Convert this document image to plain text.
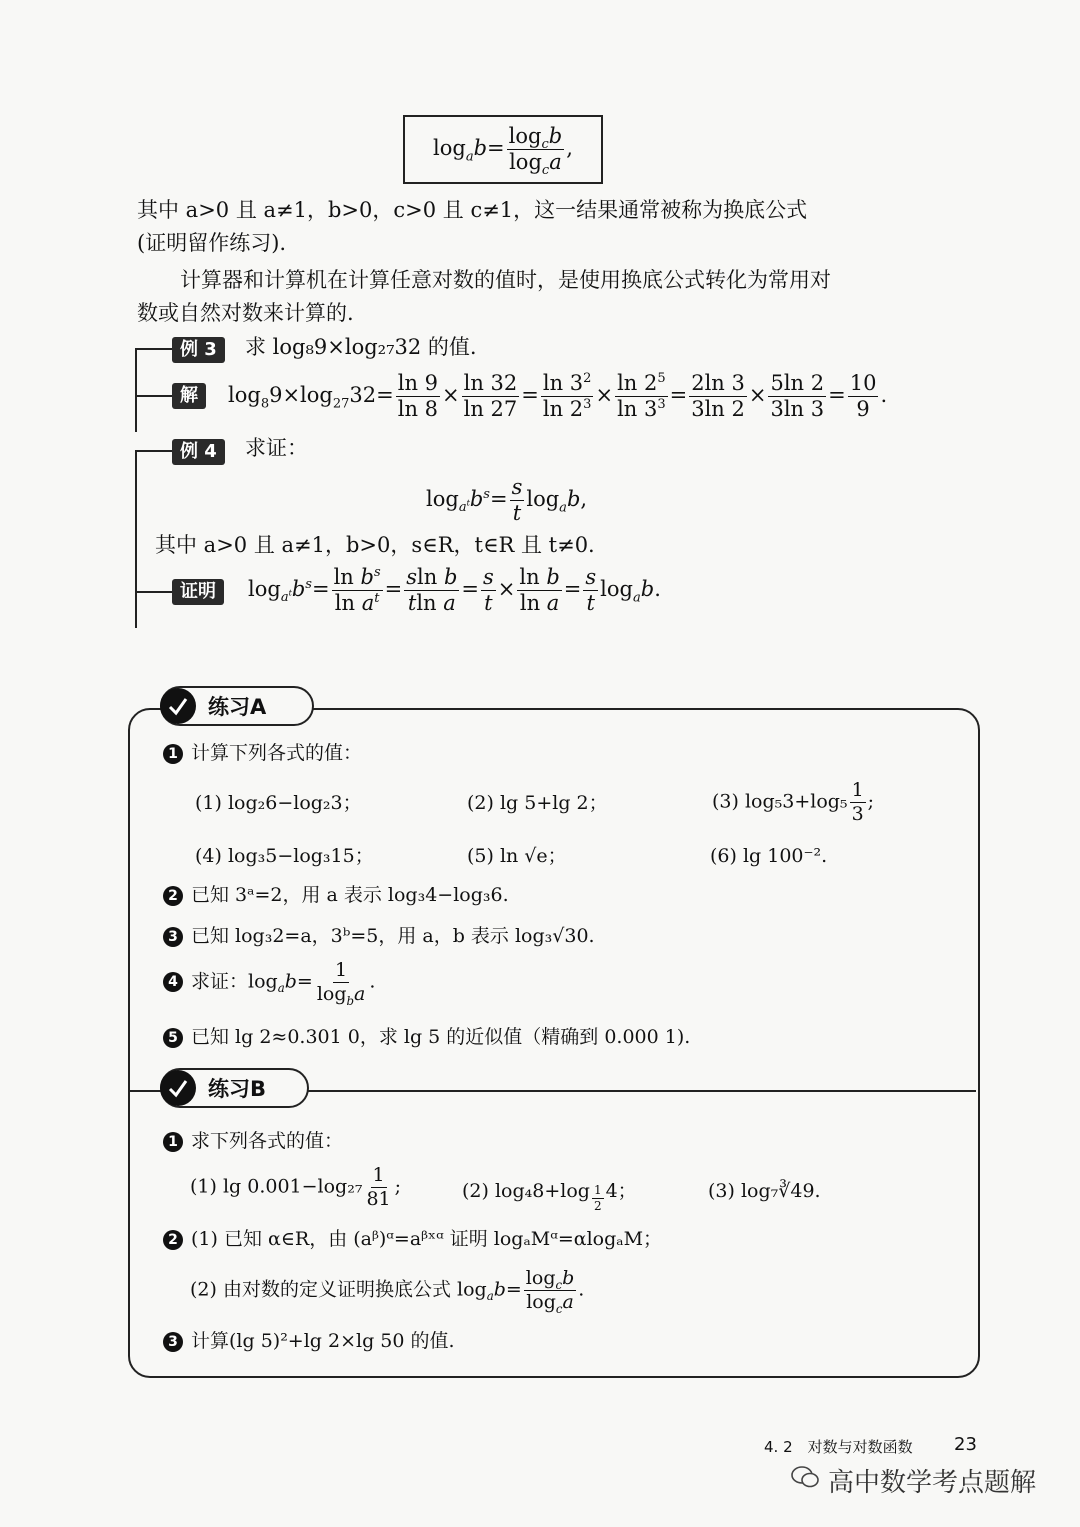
$\log_ab= \frac{\log_cb}{\log_ca}$ ,
其中 a>0 且 a≠1，b>0，c>0 且 c≠1，这一结果通常被称为换底公式
(证明留作练习).
计算器和计算机在计算任意对数的值时，是使用换底公式转化为常用对
数或自然对数来计算的.
例 3	求 log₈9×log₂₇32 的值.
解	$\log_89\times\log_{27}32= \frac{\ln 9}{\ln 8} \times \frac{\ln 32}{\ln 27} = \frac{\ln 3^2}{\ln 2^3} \times \frac{\ln 2^5}{\ln 3^3} = \frac{2\ln 3}{3\ln 2} \times \frac{5\ln 2}{3\ln 3} = \frac{10}{9}$ .
例 4	求证：
$\log_{a^t}b^s= \frac{s}{t} \log_ab$,
其中 a>0 且 a≠1，b>0，s∈R，t∈R 且 t≠0.
证明	$\log_{a^t}b^s= \frac{\ln b^s}{\ln a^t} = \frac{\text{sln b}}{\text{tln a}} = \frac{s}{t} \times \frac{\text{ln b}}{\text{ln a}} = \frac{s}{t} \log_ab$.
练习A
1 计算下列各式的值：
(1) log₂6−log₂3；	(2) lg 5+lg 2；	(3) $\log_53+\log_5 \frac{1}{3}$ ;
(4) log₃5−log₃15；	(5) ln √e；	(6) lg 100⁻².
2 已知 3ᵃ=2，用 a 表示 log₃4−log₃6.
3 已知 log₃2=a，3ᵇ=5，用 a，b 表示 log₃√30.
4 求证：$\log_ab= \frac{1}{\log_ba}$ .
5 已知 lg 2≈0.301 0，求 lg 5 的近似值（精确到 0.000 1).
练习B
1 求下列各式的值：
(1) $\lg 0.001-\log_{27} \frac{1}{81}$ ;	(2) log₄8+log $_{\frac{1}{2}}$ 4；	(3) log₇∛49.
2 (1) 已知 α∈R，由 (aᵝ)ᵅ=aᵝˣᵅ 证明 logₐMᵅ=αlogₐM；
(2) 由对数的定义证明换底公式 $\log_ab= \frac{\log_cb}{\log_ca}$ .
3 计算(lg 5)²+lg 2×lg 50 的值.
4. 2　对数与对数函数 23
高中数学考点题解
